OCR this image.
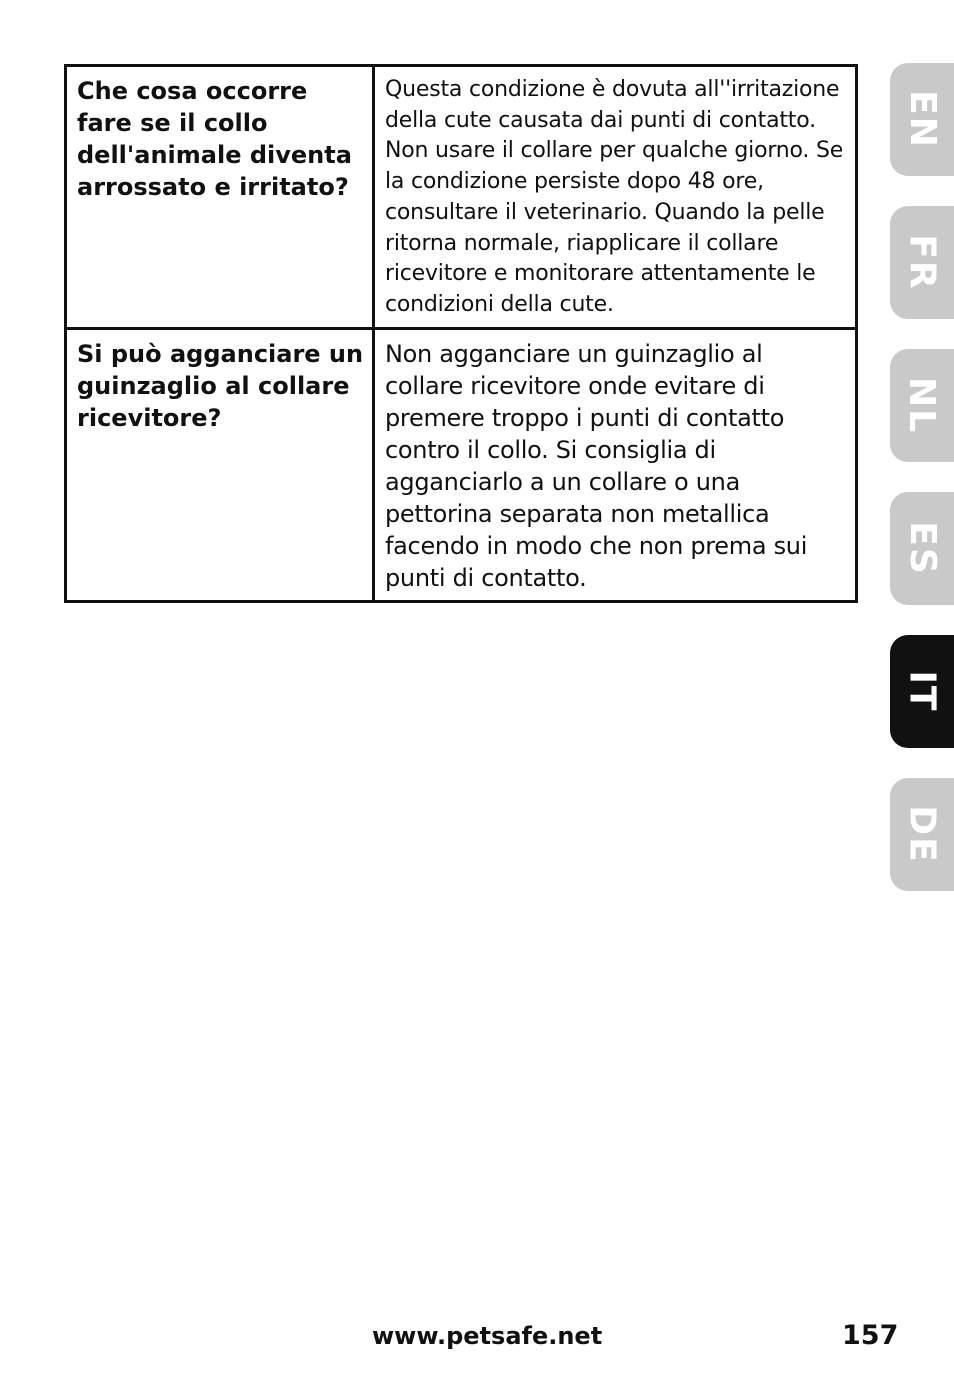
Che cosa occorre fare se il collo dell'animale diventa arrossato e irritato?	Questa condizione è dovuta all''irritazione della cute causata dai punti di contatto. Non usare il collare per qualche giorno. Se la condizione persiste dopo 48 ore, consultare il veterinario. Quando la pelle ritorna normale, riapplicare il collare ricevitore e monitorare attentamente le condizioni della cute.
Si può agganciare un guinzaglio al collare ricevitore?	Non agganciare un guinzaglio al collare ricevitore onde evitare di premere troppo i punti di contatto contro il collo. Si consiglia di agganciarlo a un collare o una pettorina separata non metallica facendo in modo che non prema sui punti di contatto.
EN
FR
NL
ES
IT
DE
www.petsafe.net	157
